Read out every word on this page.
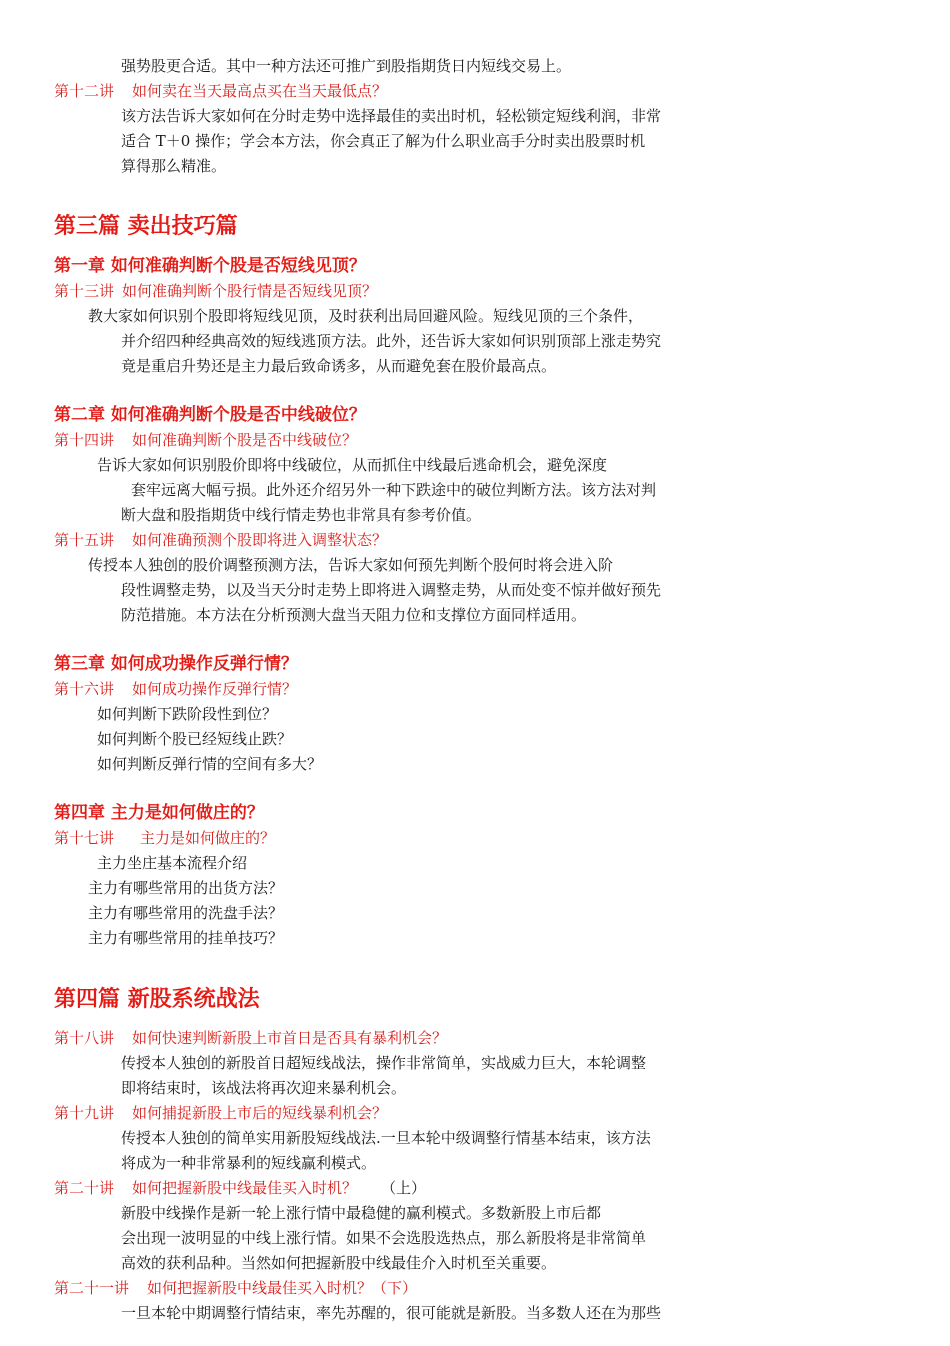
强势股更合适。其中一种方法还可推广到股指期货日内短线交易上。
第十二讲 如何卖在当天最高点买在当天最低点？
该方法告诉大家如何在分时走势中选择最佳的卖出时机，轻松锁定短线利润，非常
适合 T＋0 操作；学会本方法，你会真正了解为什么职业高手分时卖出股票时机
算得那么精准。
第三篇 卖出技巧篇
第一章 如何准确判断个股是否短线见顶？
第十三讲 如何准确判断个股行情是否短线见顶？
教大家如何识别个股即将短线见顶，及时获利出局回避风险。短线见顶的三个条件，
并介绍四种经典高效的短线逃顶方法。此外，还告诉大家如何识别顶部上涨走势究
竟是重启升势还是主力最后致命诱多，从而避免套在股价最高点。
第二章 如何准确判断个股是否中线破位？
第十四讲 如何准确判断个股是否中线破位？
告诉大家如何识别股价即将中线破位，从而抓住中线最后逃命机会，避免深度
套牢远离大幅亏损。此外还介绍另外一种下跌途中的破位判断方法。该方法对判
断大盘和股指期货中线行情走势也非常具有参考价值。
第十五讲 如何准确预测个股即将进入调整状态？
传授本人独创的股价调整预测方法，告诉大家如何预先判断个股何时将会进入阶
段性调整走势，以及当天分时走势上即将进入调整走势，从而处变不惊并做好预先
防范措施。本方法在分析预测大盘当天阻力位和支撑位方面同样适用。
第三章 如何成功操作反弹行情？
第十六讲 如何成功操作反弹行情？
如何判断下跌阶段性到位？
如何判断个股已经短线止跌？
如何判断反弹行情的空间有多大？
第四章 主力是如何做庄的？
第十七讲 主力是如何做庄的？
主力坐庄基本流程介绍
主力有哪些常用的出货方法？
主力有哪些常用的洗盘手法？
主力有哪些常用的挂单技巧？
第四篇 新股系统战法
第十八讲 如何快速判断新股上市首日是否具有暴利机会？
传授本人独创的新股首日超短线战法，操作非常简单，实战威力巨大，本轮调整
即将结束时，该战法将再次迎来暴利机会。
第十九讲 如何捕捉新股上市后的短线暴利机会？
传授本人独创的简单实用新股短线战法.一旦本轮中级调整行情基本结束，该方法
将成为一种非常暴利的短线赢利模式。
第二十讲 如何把握新股中线最佳买入时机？ （上）
新股中线操作是新一轮上涨行情中最稳健的赢利模式。多数新股上市后都
会出现一波明显的中线上涨行情。如果不会选股选热点，那么新股将是非常简单
高效的获利品种。当然如何把握新股中线最佳介入时机至关重要。
第二十一讲 如何把握新股中线最佳买入时机？（下）
一旦本轮中期调整行情结束，率先苏醒的，很可能就是新股。当多数人还在为那些
